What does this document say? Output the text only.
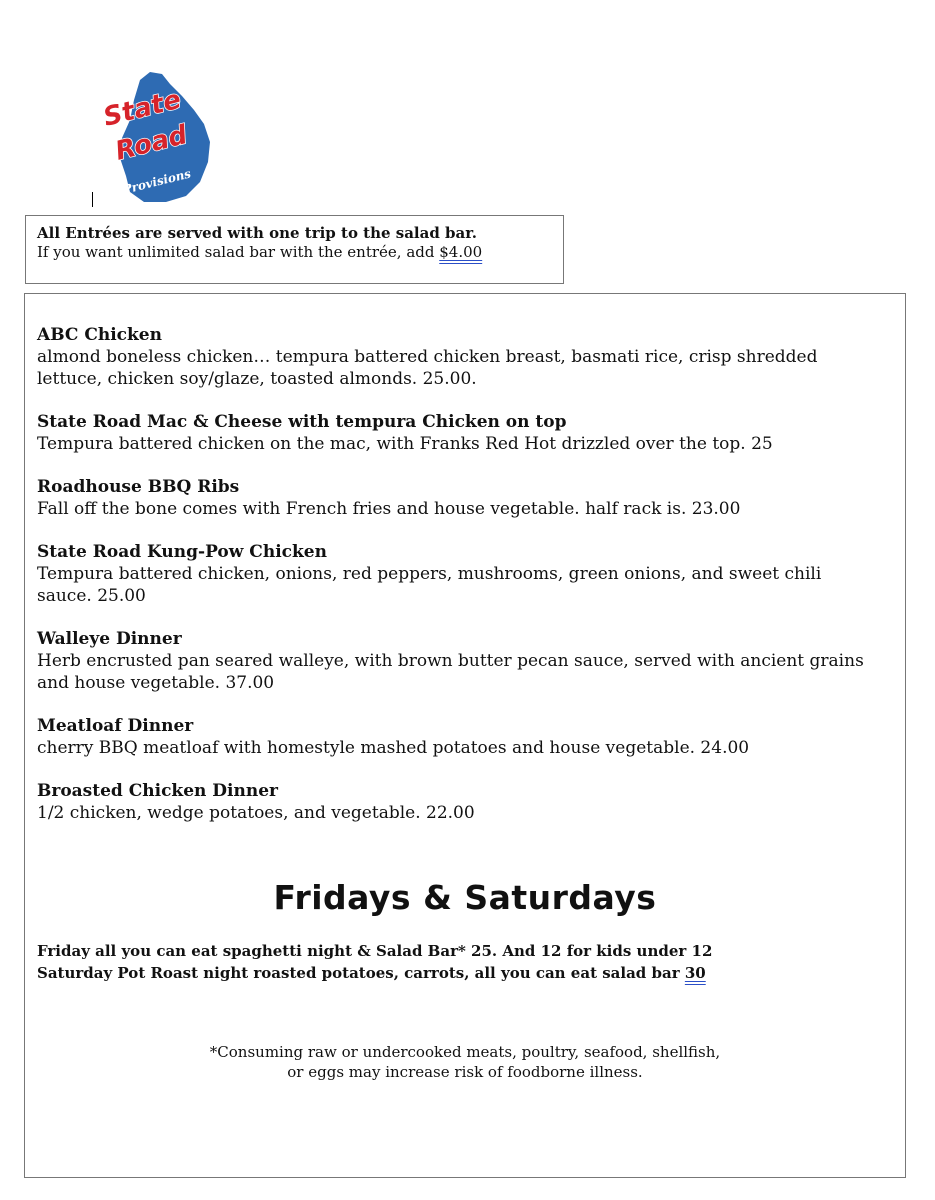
State
Road
Provisions
All Entrées are served with one trip to the salad bar.
If you want unlimited salad bar with the entrée, add $4.00
ABC Chicken
almond boneless chicken… tempura battered chicken breast, basmati rice, crisp shredded lettuce, chicken soy/glaze, toasted almonds. 25.00.
State Road Mac & Cheese with tempura Chicken on top
Tempura battered chicken on the mac, with Franks Red Hot drizzled over the top. 25
Roadhouse BBQ Ribs
Fall off the bone comes with French fries and house vegetable. half rack is. 23.00
State Road Kung-Pow Chicken
Tempura battered chicken, onions, red peppers, mushrooms, green onions, and sweet chili sauce. 25.00
Walleye Dinner
Herb encrusted pan seared walleye, with brown butter pecan sauce, served with ancient grains and house vegetable. 37.00
Meatloaf Dinner
cherry BBQ meatloaf with homestyle mashed potatoes and house vegetable. 24.00
Broasted Chicken Dinner
1/2 chicken, wedge potatoes, and vegetable. 22.00
Fridays & Saturdays
Friday all you can eat spaghetti night & Salad Bar* 25. And 12 for kids under 12
Saturday Pot Roast night roasted potatoes, carrots, all you can eat salad bar 30
*Consuming raw or undercooked meats, poultry, seafood, shellfish,
or eggs may increase risk of foodborne illness.
